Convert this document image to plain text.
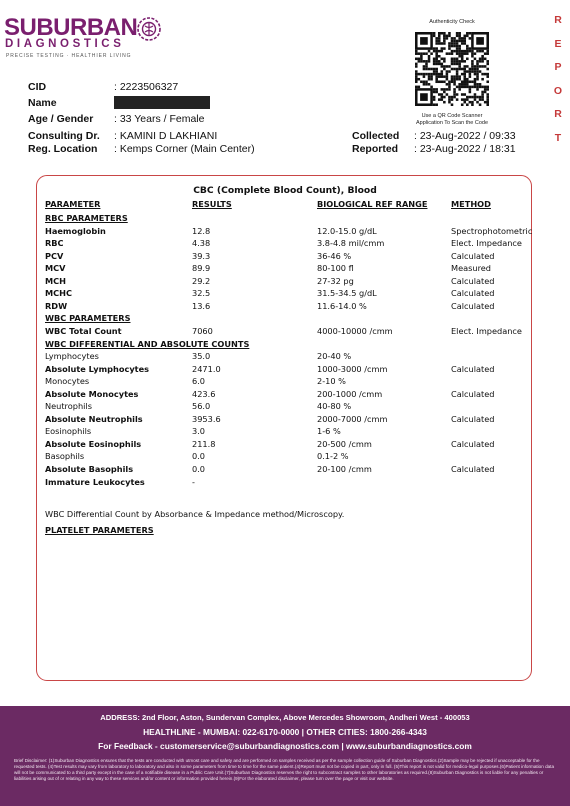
SUBURBAN
DIAGNOSTICS
PRECISE TESTING · HEALTHIER LIVING
Authenticity Check
Use a QR Code Scanner
Application To Scan the Code
R
E
P
O
R
T
CID	: 2223506327
Name
Age / Gender : 33 Years / Female
Consulting Dr. : KAMINI D LAKHIANI
Reg. Location : Kemps Corner (Main Center)
Collected : 23-Aug-2022 / 09:33
Reported : 23-Aug-2022 / 18:31
CBC (Complete Blood Count), Blood
PARAMETER	RESULTS	BIOLOGICAL REF RANGE	METHOD
RBC PARAMETERS
Haemoglobin	12.8	12.0-15.0 g/dL	Spectrophotometric
RBC	4.38	3.8-4.8 mil/cmm	Elect. Impedance
PCV	39.3	36-46 %	Calculated
MCV	89.9	80-100 fl	Measured
MCH	29.2	27-32 pg	Calculated
MCHC	32.5	31.5-34.5 g/dL	Calculated
RDW	13.6	11.6-14.0 %	Calculated
WBC PARAMETERS
WBC Total Count	7060	4000-10000 /cmm	Elect. Impedance
WBC DIFFERENTIAL AND ABSOLUTE COUNTS
Lymphocytes	35.0	20-40 %
Absolute Lymphocytes	2471.0	1000-3000 /cmm	Calculated
Monocytes	6.0	2-10 %
Absolute Monocytes	423.6	200-1000 /cmm	Calculated
Neutrophils	56.0	40-80 %
Absolute Neutrophils	3953.6	2000-7000 /cmm	Calculated
Eosinophils	3.0	1-6 %
Absolute Eosinophils	211.8	20-500 /cmm	Calculated
Basophils	0.0	0.1-2 %
Absolute Basophils	0.0	20-100 /cmm	Calculated
Immature Leukocytes	-
WBC Differential Count by Absorbance & Impedance method/Microscopy.
PLATELET PARAMETERS
ADDRESS: 2nd Floor, Aston, Sundervan Complex, Above Mercedes Showroom, Andheri West - 400053
HEALTHLINE - MUMBAI: 022-6170-0000 | OTHER CITIES: 1800-266-4343
For Feedback - customerservice@suburbandiagnostics.com | www.suburbandiagnostics.com
Brief Disclaimer: (1)Suburban Diagnostics ensures that the tests are conducted with utmost care and safety and are performed on samples received as per the sample collection guide of Suburban Diagnostics.(2)Sample may be rejected if unacceptable for the requested tests. (4)Test results may vary from laboratory to laboratory and also in some parameters from time to time for the same patient.(4)Report must not be copied in part, only in full. (5)This report is not valid for medico-legal purposes.(6)Patient information data will not be communicated to a third party except in the case of a notifiable disease in a Public Care Unit.(7)Suburban Diagnostics reserves the right to subcontract samples to other laboratories as required.(8)Suburban Diagnostics is not liable for any penalties or liabilities arising out of or relating in any way to these services and/or content or information provided herein.(9)For the elaborated disclaimer, please turn over the page or visit our website.
